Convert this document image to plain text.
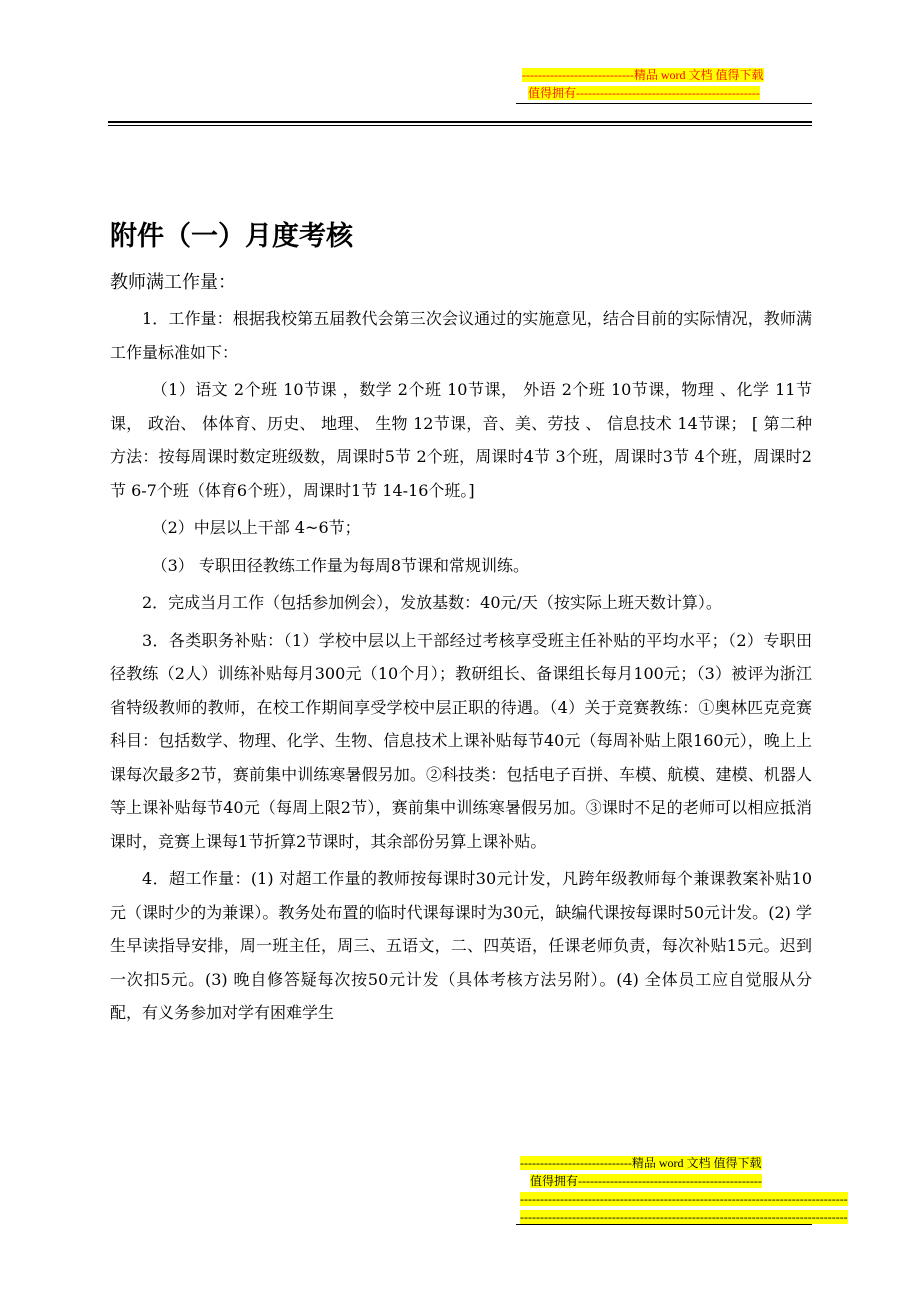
----------------------------精品 word 文档 值得下载
值得拥有----------------------------------------------
附件（一）月度考核
教师满工作量：

1．工作量：根据我校第五届教代会第三次会议通过的实施意见，结合目前的实际情况，教师满工作量标准如下：

（1）语文 2个班 10节课 ，数学 2个班 10节课， 外语 2个班 10节课，物理 、化学 11节课， 政治、 体体育、历史、 地理、 生物 12节课，音、美、劳技 、 信息技术 14节课； [ 第二种方法：按每周课时数定班级数，周课时5节 2个班，周课时4节 3个班，周课时3节 4个班，周课时2节 6-7个班（体育6个班），周课时1节 14-16个班。]

（2）中层以上干部 4~6节；

（3） 专职田径教练工作量为每周8节课和常规训练。

2．完成当月工作（包括参加例会），发放基数：40元/天（按实际上班天数计算）。

3．各类职务补贴：（1）学校中层以上干部经过考核享受班主任补贴的平均水平；（2）专职田径教练（2人）训练补贴每月300元（10个月）；教研组长、备课组长每月100元；（3）被评为浙江省特级教师的教师，在校工作期间享受学校中层正职的待遇。（4）关于竞赛教练：①奥林匹克竞赛科目：包括数学、物理、化学、生物、信息技术上课补贴每节40元（每周补贴上限160元），晚上上课每次最多2节，赛前集中训练寒暑假另加。②科技类：包括电子百拼、车模、航模、建模、机器人等上课补贴每节40元（每周上限2节），赛前集中训练寒暑假另加。③课时不足的老师可以相应抵消课时，竞赛上课每1节折算2节课时，其余部份另算上课补贴。

4．超工作量：(1) 对超工作量的教师按每课时30元计发，凡跨年级教师每个兼课教案补贴10元（课时少的为兼课）。教务处布置的临时代课每课时为30元，缺编代课按每课时50元计发。(2) 学生早读指导安排，周一班主任，周三、五语文，二、四英语，任课老师负责，每次补贴15元。迟到一次扣5元。(3) 晚自修答疑每次按50元计发（具体考核方法另附）。(4) 全体员工应自觉服从分配，有义务参加对学有困难学生

----------------------------精品 word 文档 值得下载
值得拥有----------------------------------------------
----------------------------------------------------------------------------------
----------------------------------------------------------------------------------
